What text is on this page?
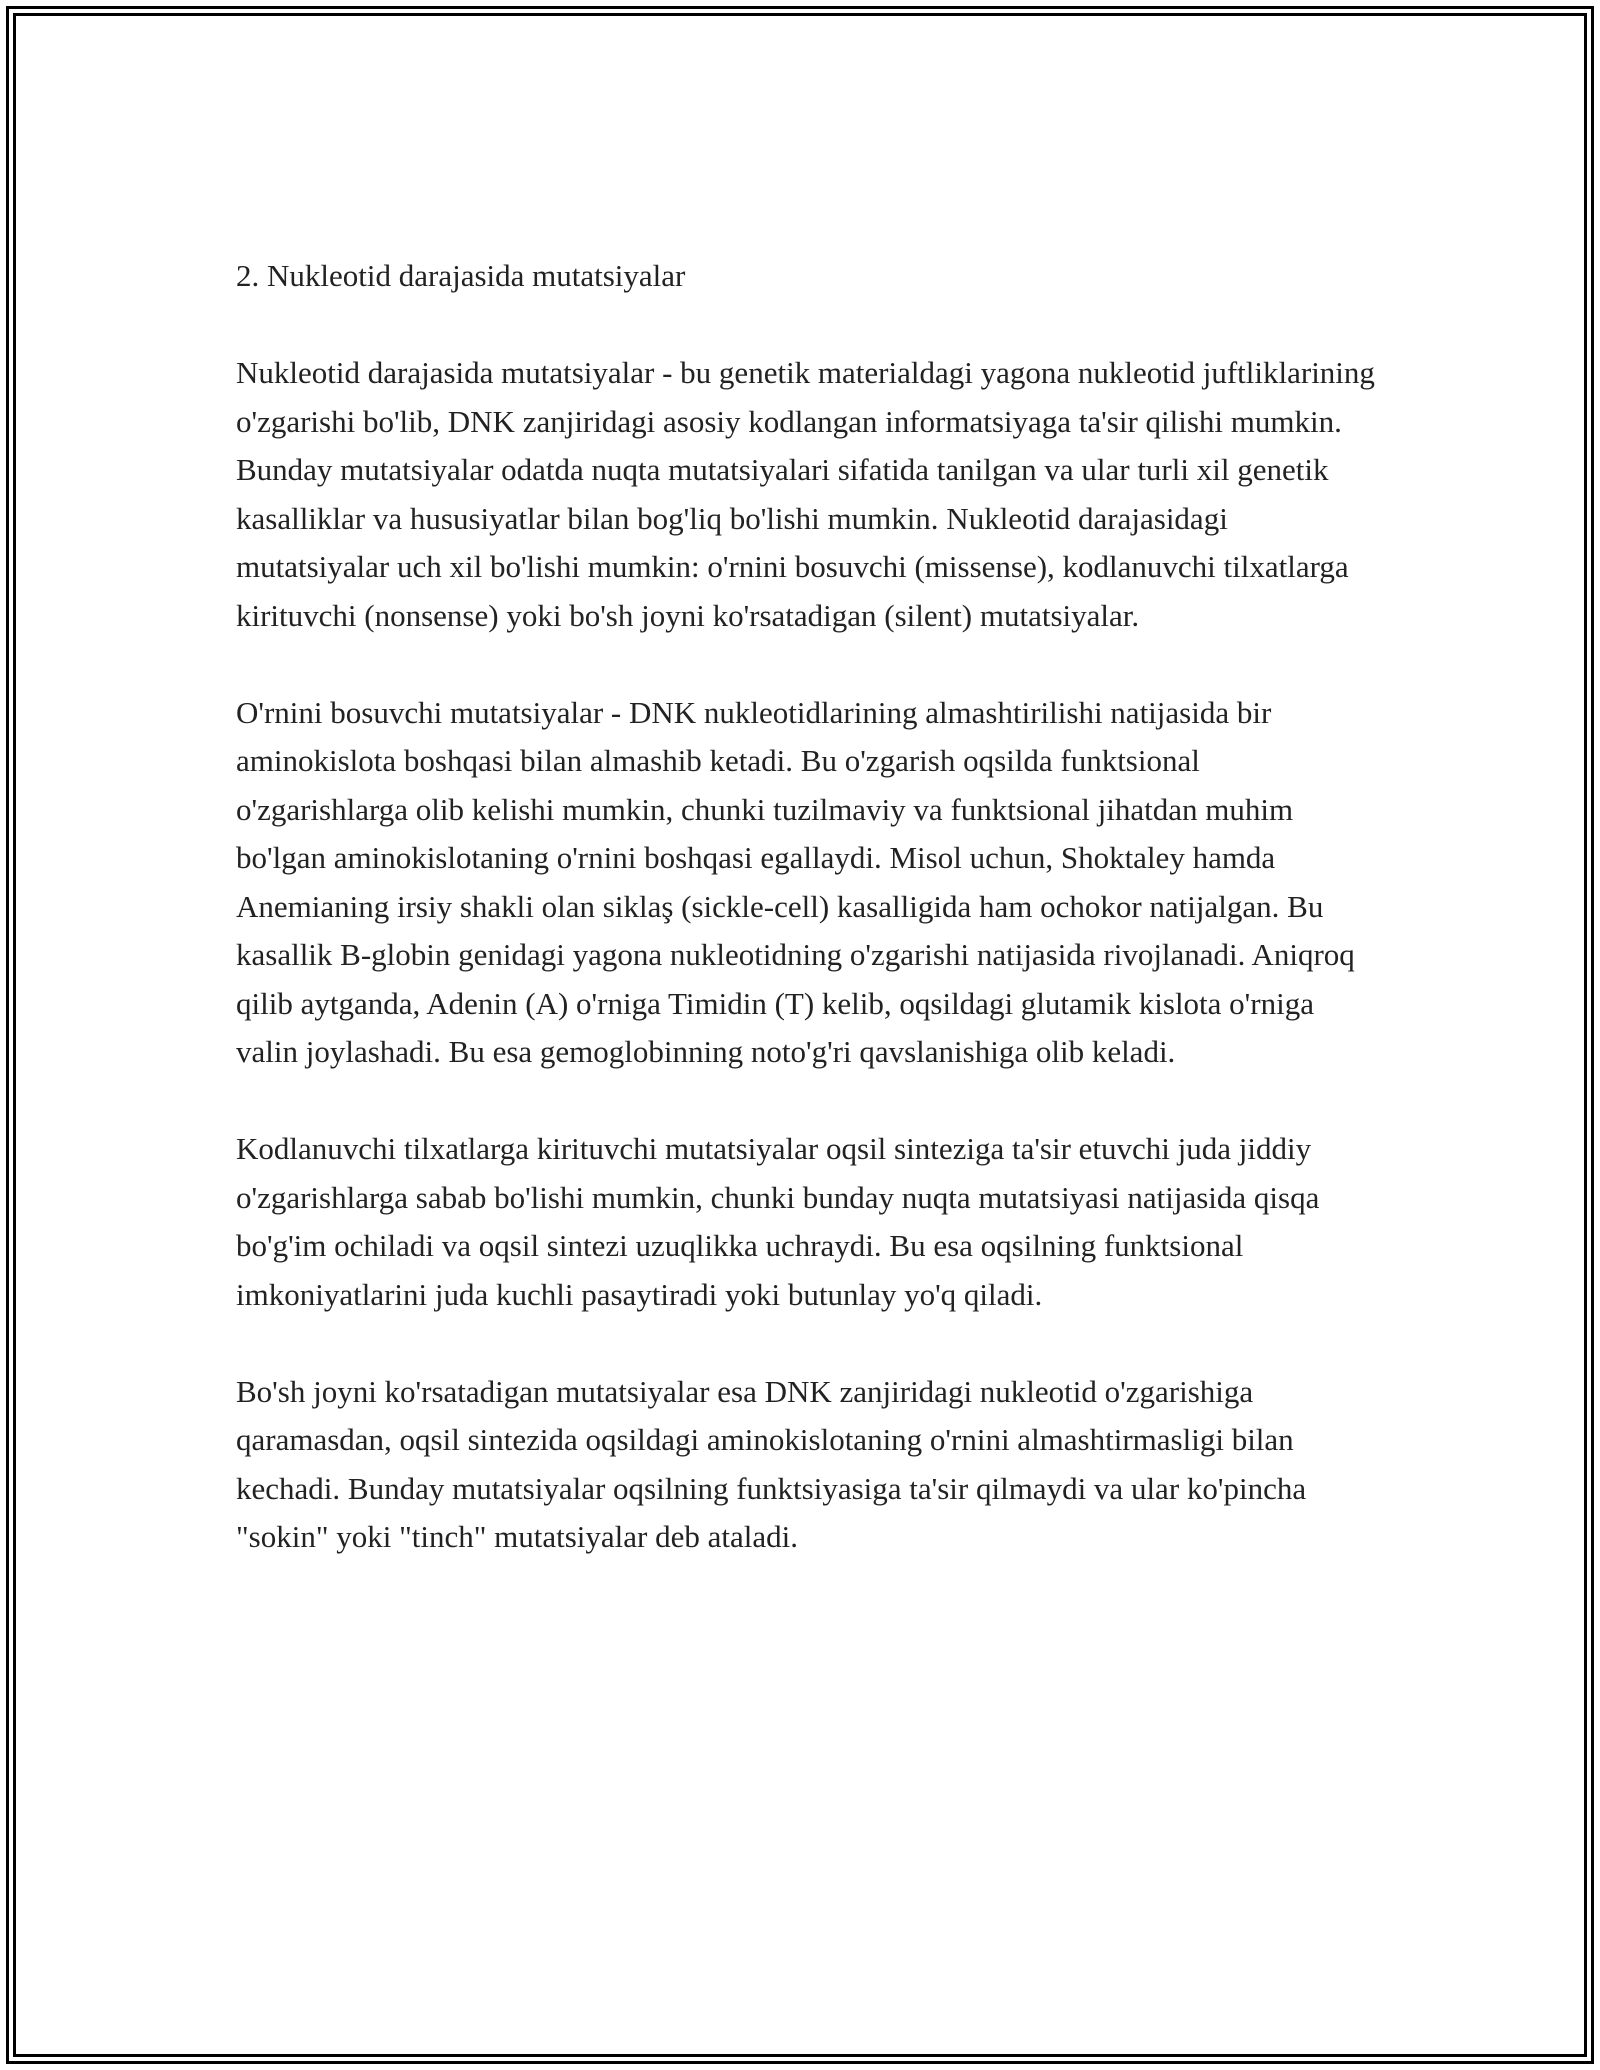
2. Nukleotid darajasida mutatsiyalar

Nukleotid darajasida mutatsiyalar - bu genetik materialdagi yagona nukleotid juftliklarining o'zgarishi bo'lib, DNK zanjiridagi asosiy kodlangan informatsiyaga ta'sir qilishi mumkin. Bunday mutatsiyalar odatda nuqta mutatsiyalari sifatida tanilgan va ular turli xil genetik kasalliklar va hususiyatlar bilan bog'liq bo'lishi mumkin. Nukleotid darajasidagi mutatsiyalar uch xil bo'lishi mumkin: o'rnini bosuvchi (missense), kodlanuvchi tilxatlarga kirituvchi (nonsense) yoki bo'sh joyni ko'rsatadigan (silent) mutatsiyalar.

O'rnini bosuvchi mutatsiyalar - DNK nukleotidlarining almashtirilishi natijasida bir aminokislota boshqasi bilan almashib ketadi. Bu o'zgarish oqsilda funktsional o'zgarishlarga olib kelishi mumkin, chunki tuzilmaviy va funktsional jihatdan muhim bo'lgan aminokislotaning o'rnini boshqasi egallaydi. Misol uchun, Shoktaley hamda Anemianing irsiy shakli olan siklaş (sickle-cell) kasalligida ham ochokor natijalgan. Bu kasallik B-globin genidagi yagona nukleotidning o'zgarishi natijasida rivojlanadi. Aniqroq qilib aytganda, Adenin (A) o'rniga Timidin (T) kelib, oqsildagi glutamik kislota o'rniga valin joylashadi. Bu esa gemoglobinning noto'g'ri qavslanishiga olib keladi.

Kodlanuvchi tilxatlarga kirituvchi mutatsiyalar oqsil sinteziga ta'sir etuvchi juda jiddiy o'zgarishlarga sabab bo'lishi mumkin, chunki bunday nuqta mutatsiyasi natijasida qisqa bo'g'im ochiladi va oqsil sintezi uzuqlikka uchraydi. Bu esa oqsilning funktsional imkoniyatlarini juda kuchli pasaytiradi yoki butunlay yo'q qiladi.

Bo'sh joyni ko'rsatadigan mutatsiyalar esa DNK zanjiridagi nukleotid o'zgarishiga qaramasdan, oqsil sintezida oqsildagi aminokislotaning o'rnini almashtirmasligi bilan kechadi. Bunday mutatsiyalar oqsilning funktsiyasiga ta'sir qilmaydi va ular ko'pincha "sokin" yoki "tinch" mutatsiyalar deb ataladi.
